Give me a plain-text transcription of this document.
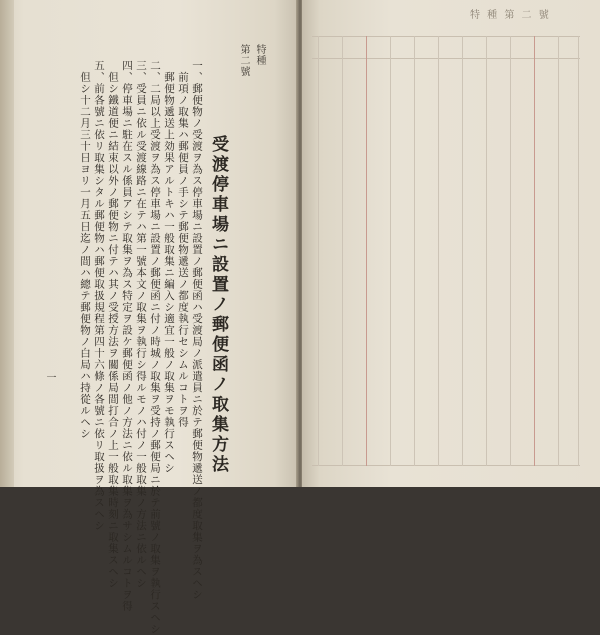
特種
第二號
受渡停車場ニ設置ノ郵便函ノ取集方法
一、郵便物ノ受渡ヲ為ス停車場ニ設置ノ郵便函ハ受渡局ノ派遣員ニ於テ郵便物遞送ノ都度取集ヲ為スヘシ
　前項ノ取集ハ郵便員ノ手シテ郵便物遞送ノ都度執行セシムルコトヲ得
　郵便物遞送上効果アルトキハ一般取集ニ編入シ適宜一般ノ取集ヲモ執行スヘシ
二、二局以上受渡ヲ為ス停車場ニ設置ノ郵便函ニ付ノ時城ノ取集ヲ受持ノ郵便局ニ於テ前號ノ取集ヲ執行スヘシ
三、受員ニ依ル受渡線路ニ在テハ第一號本文ノ取集ヲ執行シ得ルモノハ付ノ一般取集ノ方法ニ依ルヘシ
四、停車場ニ駐在スル係員アシテ取集ヲ為ス特定ヲ設ケ郵便函ノ他ノ方法ニ依ル取集ヲ為サシムルコトヲ得
　但シ鐵道便ニ結束以外ノ郵便物ニ付テハ其ノ受授方法ヲ關係局間打合ノ上一般取集時刻ニ取集スヘシ
五、前各號ニ依リ取集シタル郵便物ハ郵便取扱規程第四十六條ノ各號ニ依リ取扱ヲ為スヘシ
　但シ十二月三十日ヨリ一月五日迄ノ間ハ總テ郵便物ノ白局ハ持從ルヘシ
一
特 種 第 二 號
